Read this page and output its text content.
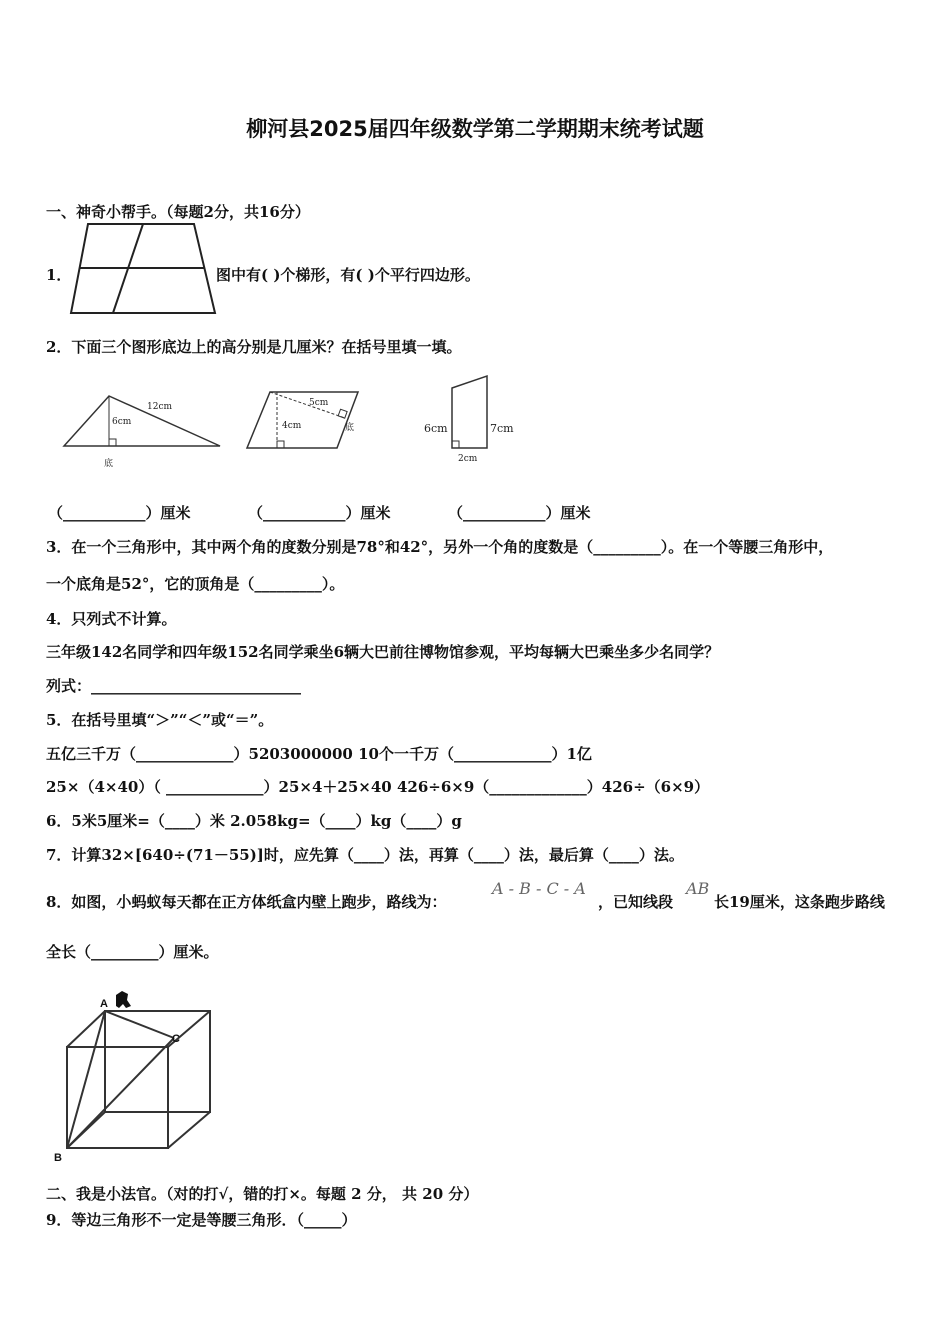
柳河县2025届四年级数学第二学期期末统考试题
一、神奇小帮手。（每题2分，共16分）
1．	图中有( )个梯形，有( )个平行四边形。
2．下面三个图形底边上的高分别是几厘米？在括号里填一填。
12cm
6cm
底
5cm
4cm	底	6cm	7cm
2cm
（___________）厘米	（___________）厘米	（___________）厘米
3．在一个三角形中，其中两个角的度数分别是78°和42°，另外一个角的度数是（_________）。在一个等腰三角形中，
一个底角是52°，它的顶角是（_________）。
4．只列式不计算。
三年级142名同学和四年级152名同学乘坐6辆大巴前往博物馆参观，平均每辆大巴乘坐多少名同学？
列式：____________________________
5．在括号里填“＞”“＜”或“＝”。
五亿三千万（_____________）5203000000 10个一千万（_____________）1亿
25×（4×40）（ _____________）25×4＋25×40 426÷6×9（_____________）426÷（6×9）
6．5米5厘米=（____）米 2.058kg=（____）kg（____）g
7．计算32×[640÷(71－55)]时，应先算（____）法，再算（____）法，最后算（____）法。
8．如图，小蚂蚁每天都在正方体纸盒内壁上跑步，路线为：
A - B - C - A
，已知线段
AB
长19厘米，这条跑步路线
全长（_________）厘米。
A
C
B
二、我是小法官。（对的打√，错的打×。每题 2 分， 共 20 分）
9．等边三角形不一定是等腰三角形．（_____）
